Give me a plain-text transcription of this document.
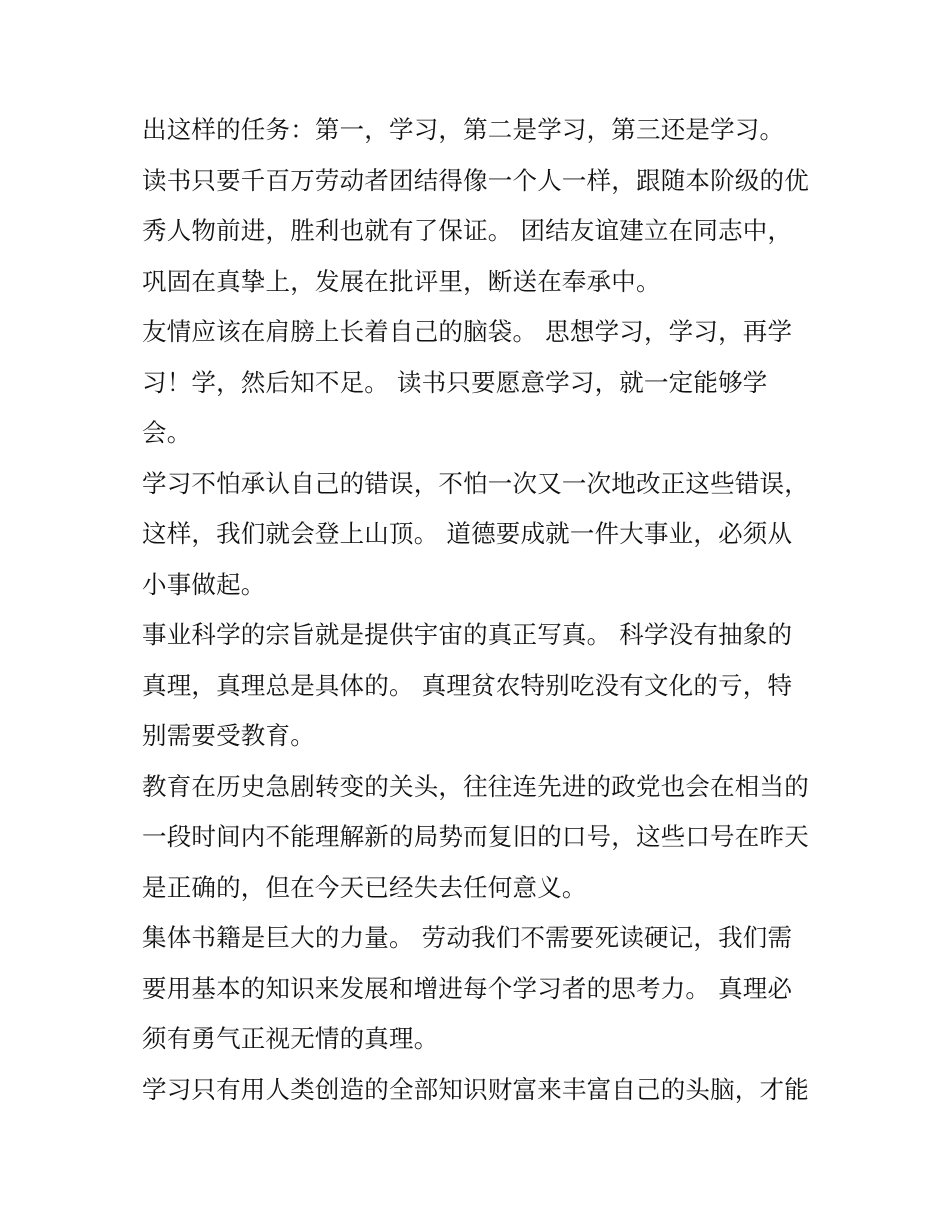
出这样的任务：第一，学习，第二是学习，第三还是学习。
读书只要千百万劳动者团结得像一个人一样，跟随本阶级的优
秀人物前进，胜利也就有了保证。 团结友谊建立在同志中，
巩固在真挚上，发展在批评里，断送在奉承中。
友情应该在肩膀上长着自己的脑袋。 思想学习，学习，再学
习！学，然后知不足。 读书只要愿意学习，就一定能够学
会。
学习不怕承认自己的错误，不怕一次又一次地改正这些错误，
这样，我们就会登上山顶。 道德要成就一件大事业，必须从
小事做起。
事业科学的宗旨就是提供宇宙的真正写真。 科学没有抽象的
真理，真理总是具体的。 真理贫农特别吃没有文化的亏，特
别需要受教育。
教育在历史急剧转变的关头，往往连先进的政党也会在相当的
一段时间内不能理解新的局势而复旧的口号，这些口号在昨天
是正确的，但在今天已经失去任何意义。
集体书籍是巨大的力量。 劳动我们不需要死读硬记，我们需
要用基本的知识来发展和增进每个学习者的思考力。 真理必
须有勇气正视无情的真理。
学习只有用人类创造的全部知识财富来丰富自己的头脑，才能
